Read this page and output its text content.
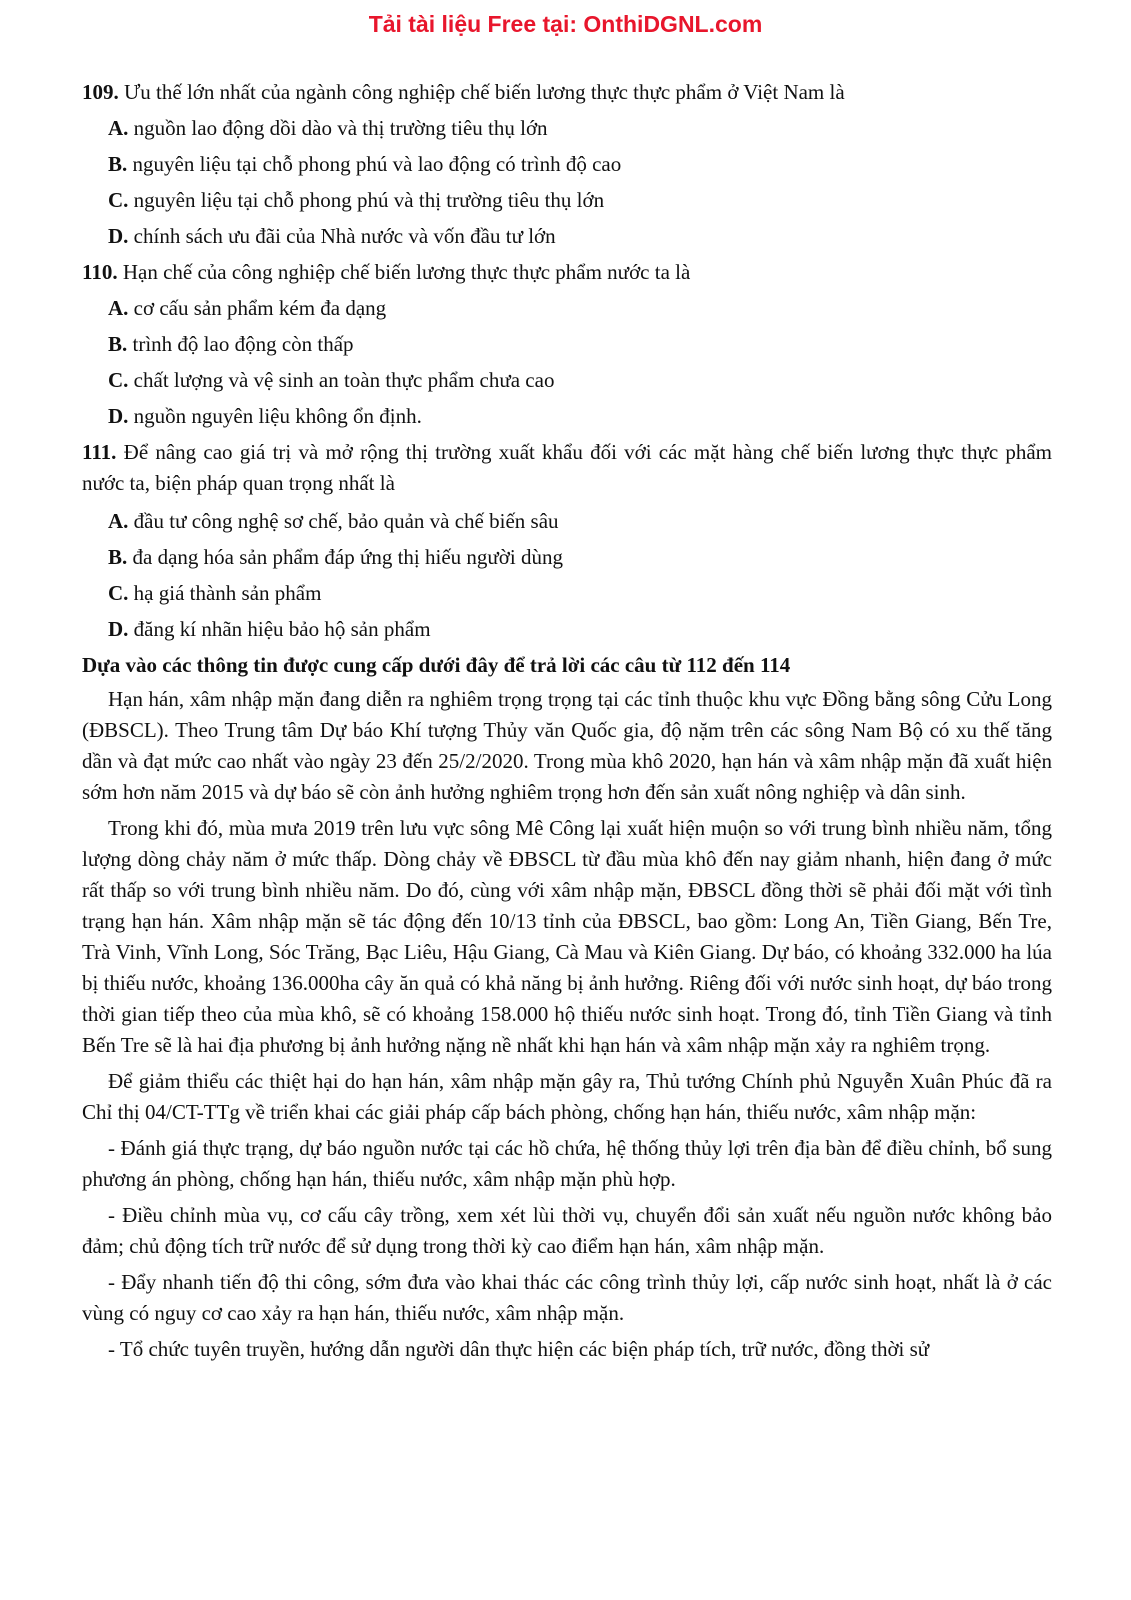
Tải tài liệu Free tại: OnthiDGNL.com

109. Ưu thế lớn nhất của ngành công nghiệp chế biến lương thực thực phẩm ở Việt Nam là

A. nguồn lao động dồi dào và thị trường tiêu thụ lớn

B. nguyên liệu tại chỗ phong phú và lao động có trình độ cao

C. nguyên liệu tại chỗ phong phú và thị trường tiêu thụ lớn

D. chính sách ưu đãi của Nhà nước và vốn đầu tư lớn

110. Hạn chế của công nghiệp chế biến lương thực thực phẩm nước ta là

A. cơ cấu sản phẩm kém đa dạng

B. trình độ lao động còn thấp

C. chất lượng và vệ sinh an toàn thực phẩm chưa cao

D. nguồn nguyên liệu không ổn định.

111. Để nâng cao giá trị và mở rộng thị trường xuất khẩu đối với các mặt hàng chế biến lương thực thực phẩm nước ta, biện pháp quan trọng nhất là

A. đầu tư công nghệ sơ chế, bảo quản và chế biến sâu

B. đa dạng hóa sản phẩm đáp ứng thị hiếu người dùng

C. hạ giá thành sản phẩm

D. đăng kí nhãn hiệu bảo hộ sản phẩm

Dựa vào các thông tin được cung cấp dưới đây để trả lời các câu từ 112 đến 114

Hạn hán, xâm nhập mặn đang diễn ra nghiêm trọng trọng tại các tỉnh thuộc khu vực Đồng bằng sông Cửu Long (ĐBSCL). Theo Trung tâm Dự báo Khí tượng Thủy văn Quốc gia, độ nặm trên các sông Nam Bộ có xu thế tăng dần và đạt mức cao nhất vào ngày 23 đến 25/2/2020. Trong mùa khô 2020, hạn hán và xâm nhập mặn đã xuất hiện sớm hơn năm 2015 và dự báo sẽ còn ảnh hưởng nghiêm trọng hơn đến sản xuất nông nghiệp và dân sinh.

Trong khi đó, mùa mưa 2019 trên lưu vực sông Mê Công lại xuất hiện muộn so với trung bình nhiều năm, tổng lượng dòng chảy năm ở mức thấp. Dòng chảy về ĐBSCL từ đầu mùa khô đến nay giảm nhanh, hiện đang ở mức rất thấp so với trung bình nhiều năm. Do đó, cùng với xâm nhập mặn, ĐBSCL đồng thời sẽ phải đối mặt với tình trạng hạn hán. Xâm nhập mặn sẽ tác động đến 10/13 tỉnh của ĐBSCL, bao gồm: Long An, Tiền Giang, Bến Tre, Trà Vinh, Vĩnh Long, Sóc Trăng, Bạc Liêu, Hậu Giang, Cà Mau và Kiên Giang. Dự báo, có khoảng 332.000 ha lúa bị thiếu nước, khoảng 136.000ha cây ăn quả có khả năng bị ảnh hưởng. Riêng đối với nước sinh hoạt, dự báo trong thời gian tiếp theo của mùa khô, sẽ có khoảng 158.000 hộ thiếu nước sinh hoạt. Trong đó, tỉnh Tiền Giang và tỉnh Bến Tre sẽ là hai địa phương bị ảnh hưởng nặng nề nhất khi hạn hán và xâm nhập mặn xảy ra nghiêm trọng.

Để giảm thiểu các thiệt hại do hạn hán, xâm nhập mặn gây ra, Thủ tướng Chính phủ Nguyễn Xuân Phúc đã ra Chỉ thị 04/CT-TTg về triển khai các giải pháp cấp bách phòng, chống hạn hán, thiếu nước, xâm nhập mặn:

- Đánh giá thực trạng, dự báo nguồn nước tại các hồ chứa, hệ thống thủy lợi trên địa bàn để điều chỉnh, bổ sung phương án phòng, chống hạn hán, thiếu nước, xâm nhập mặn phù hợp.

- Điều chỉnh mùa vụ, cơ cấu cây trồng, xem xét lùi thời vụ, chuyển đổi sản xuất nếu nguồn nước không bảo đảm; chủ động tích trữ nước để sử dụng trong thời kỳ cao điểm hạn hán, xâm nhập mặn.

- Đẩy nhanh tiến độ thi công, sớm đưa vào khai thác các công trình thủy lợi, cấp nước sinh hoạt, nhất là ở các vùng có nguy cơ cao xảy ra hạn hán, thiếu nước, xâm nhập mặn.

- Tổ chức tuyên truyền, hướng dẫn người dân thực hiện các biện pháp tích, trữ nước, đồng thời sử
